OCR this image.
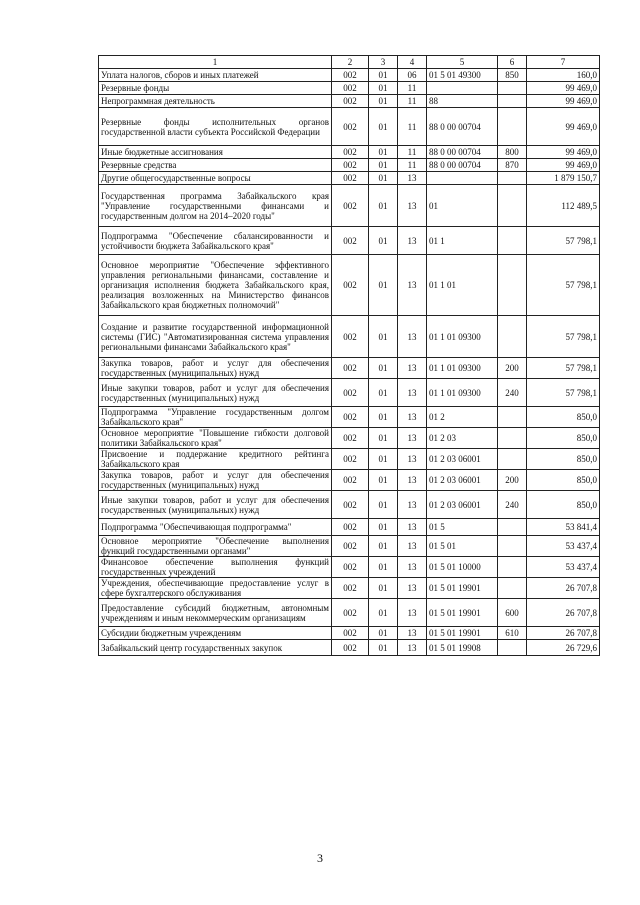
1	2	3	4	5	6	7
Уплата налогов, сборов и иных платежей	002	01	06	01 5 01 49300	850	160,0
Резервные фонды	002	01	11			99 469,0
Непрограммная деятельность	002	01	11	88		99 469,0
Резервные фонды исполнительных органов государственной власти субъекта Российской Федерации	002	01	11	88 0 00 00704		99 469,0
Иные бюджетные ассигнования	002	01	11	88 0 00 00704	800	99 469,0
Резервные средства	002	01	11	88 0 00 00704	870	99 469,0
Другие общегосударственные вопросы	002	01	13			1 879 150,7
Государственная программа Забайкальского края "Управление государственными финансами и государственным долгом на 2014–2020 годы"	002	01	13	01		112 489,5
Подпрограмма "Обеспечение сбалансированности и устойчивости бюджета Забайкальского края"	002	01	13	01 1		57 798,1
Основное мероприятие "Обеспечение эффективного управления региональными финансами, составление и организация исполнения бюджета Забайкальского края, реализация возложенных на Министерство финансов Забайкальского края бюджетных полномочий"	002	01	13	01 1 01		57 798,1
Создание и развитие государственной информационной системы (ГИС) "Автоматизированная система управления региональными финансами Забайкальского края"	002	01	13	01 1 01 09300		57 798,1
Закупка товаров, работ и услуг для обеспечения государственных (муниципальных) нужд	002	01	13	01 1 01 09300	200	57 798,1
Иные закупки товаров, работ и услуг для обеспечения государственных (муниципальных) нужд	002	01	13	01 1 01 09300	240	57 798,1
Подпрограмма "Управление государственным долгом Забайкальского края"	002	01	13	01 2		850,0
Основное мероприятие "Повышение гибкости долговой политики Забайкальского края"	002	01	13	01 2 03		850,0
Присвоение и поддержание кредитного рейтинга Забайкальского края	002	01	13	01 2 03 06001		850,0
Закупка товаров, работ и услуг для обеспечения государственных (муниципальных) нужд	002	01	13	01 2 03 06001	200	850,0
Иные закупки товаров, работ и услуг для обеспечения государственных (муниципальных) нужд	002	01	13	01 2 03 06001	240	850,0
Подпрограмма "Обеспечивающая подпрограмма"	002	01	13	01 5		53 841,4
Основное мероприятие "Обеспечение выполнения функций государственными органами"	002	01	13	01 5 01		53 437,4
Финансовое обеспечение выполнения функций государственных учреждений	002	01	13	01 5 01 10000		53 437,4
Учреждения, обеспечивающие предоставление услуг в сфере бухгалтерского обслуживания	002	01	13	01 5 01 19901		26 707,8
Предоставление субсидий бюджетным, автономным учреждениям и иным некоммерческим организациям	002	01	13	01 5 01 19901	600	26 707,8
Субсидии бюджетным учреждениям	002	01	13	01 5 01 19901	610	26 707,8
Забайкальский центр государственных закупок	002	01	13	01 5 01 19908		26 729,6
3
